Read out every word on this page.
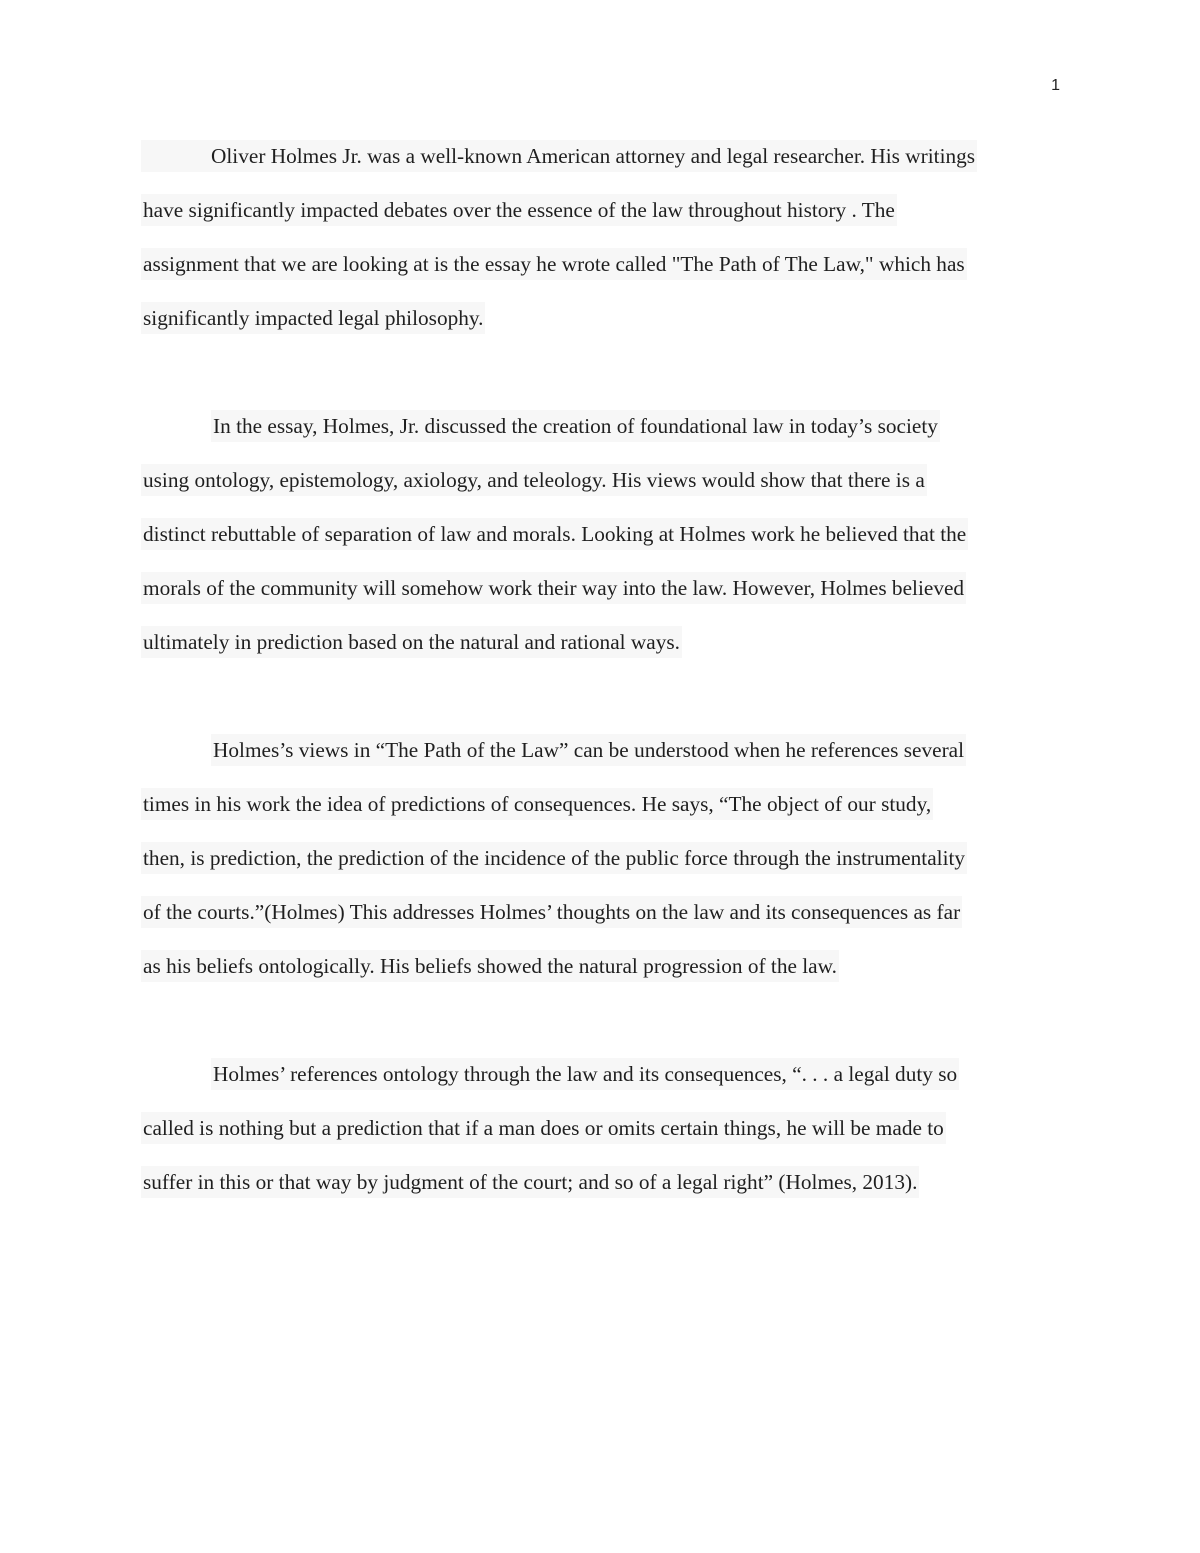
1
Oliver Holmes Jr. was a well-known American attorney and legal researcher. His writings
have significantly impacted debates over the essence of the law throughout history . The
assignment that we are looking at is the essay he wrote called "The Path of The Law," which has
significantly impacted legal philosophy.
In the essay, Holmes, Jr. discussed the creation of foundational law in today’s society
using ontology, epistemology, axiology, and teleology. His views would show that there is a
distinct rebuttable of separation of law and morals. Looking at Holmes work he believed that the
morals of the community will somehow work their way into the law. However, Holmes believed
ultimately in prediction based on the natural and rational ways.
Holmes’s views in “The Path of the Law” can be understood when he references several
times in his work the idea of predictions of consequences. He says, “The object of our study,
then, is prediction, the prediction of the incidence of the public force through the instrumentality
of the courts.”(Holmes) This addresses Holmes’ thoughts on the law and its consequences as far
as his beliefs ontologically. His beliefs showed the natural progression of the law.
Holmes’ references ontology through the law and its consequences, “. . . a legal duty so
called is nothing but a prediction that if a man does or omits certain things, he will be made to
suffer in this or that way by judgment of the court; and so of a legal right” (Holmes, 2013).
